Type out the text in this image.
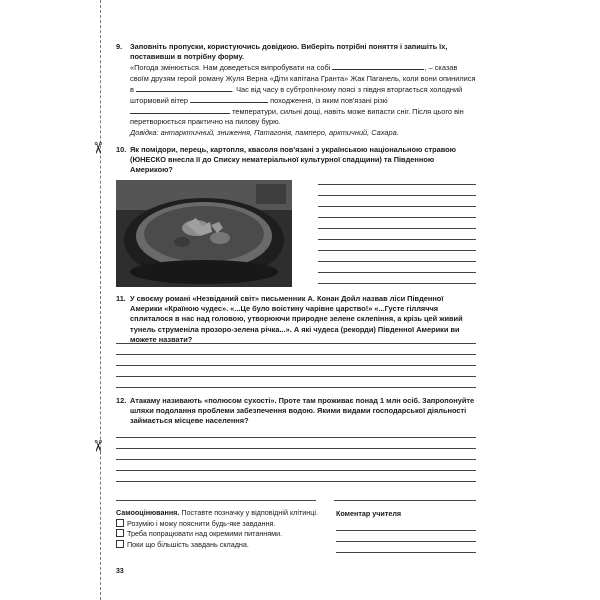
✂
✂
9. Заповніть пропуски, користуючись довідкою. Виберіть потрібні поняття і запишіть їх, поставивши в потрібну форму.
«Погода змінюється. Нам доведеться випробувати на собі	, – сказав своїм друзям герой роману Жуля Верна «Діти капітана Гранта» Жак Паганель, коли вони опинилися в	. Час від часу в субтропічному поясі з півдня вторгається холодний штормовий вітер	походження, із яким пов'язані різкі  температури, сильні дощі, навіть може випасти сніг. Після цього він перетворюється практично на пилову бурю.
Довідка: антарктичний, зниження, Патагонія, памперо, арктичний, Сахара.
10. Як помідори, перець, картопля, квасоля пов'язані з українською національною стравою (ЮНЕСКО внесла її до Списку нематеріальної культурної спадщини) та Південною Америкою?
11. У своєму романі «Незвіданий світ» письменник А. Конан Дойл назвав ліси Південної Америки «Країною чудес». «...Це було воістину чарівне царство!» «...Густе гілляччя сплиталося в нас над головою, утворюючи природне зелене склепіння, а крізь цей живий тунель струменіла прозоро-зелена річка...». А які чудеса (рекорди) Південної Америки ви можете назвати?
12. Атакаму називають «полюсом сухості». Проте там проживає понад 1 млн осіб. Запропонуйте шляхи подолання проблеми забезпечення водою. Якими видами господарської діяльності займається місцеве населення?
Самооцінювання. Поставте позначку у відповідній клітинці.
Розумію і можу пояснити будь-яке завдання.
Треба попрацювати над окремими питаннями.
Поки що більшість завдань складна.
Коментар учителя
33
